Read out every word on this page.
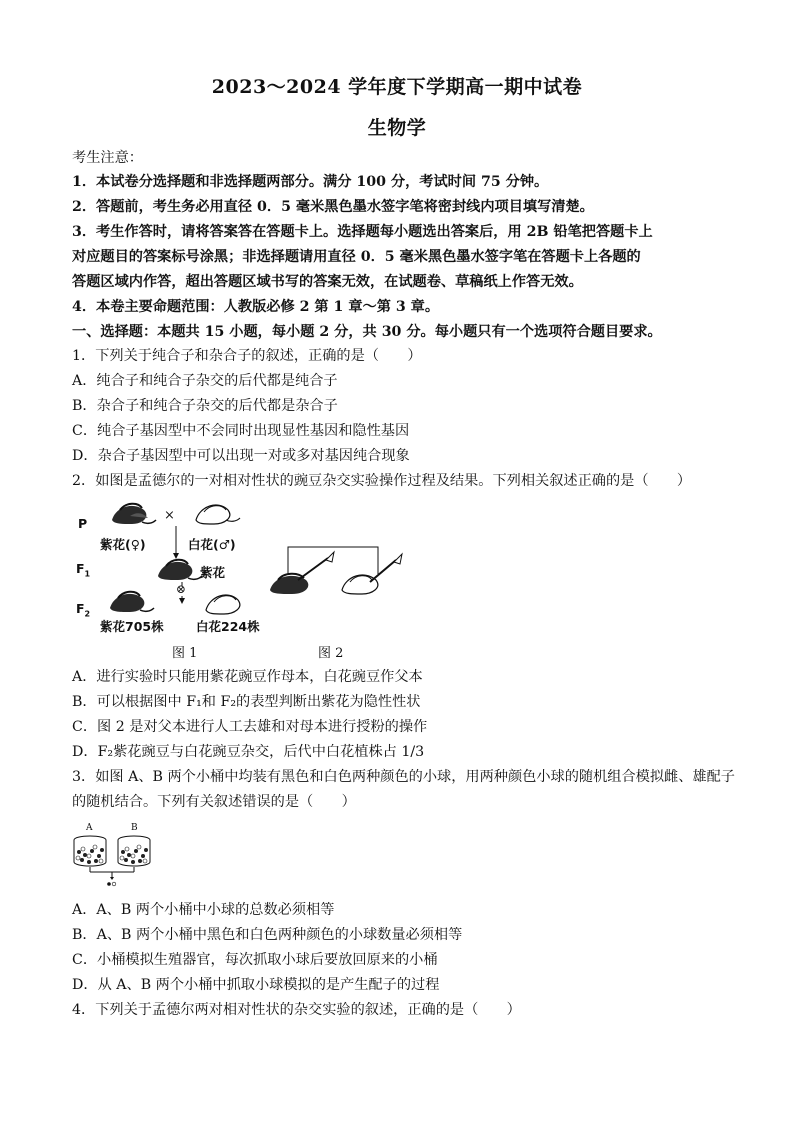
2023～2024 学年度下学期高一期中试卷
生物学
考生注意：
1．本试卷分选择题和非选择题两部分。满分 100 分，考试时间 75 分钟。
2．答题前，考生务必用直径 0．5 毫米黑色墨水签字笔将密封线内项目填写清楚。
3．考生作答时，请将答案答在答题卡上。选择题每小题选出答案后，用 2B 铅笔把答题卡上
对应题目的答案标号涂黑；非选择题请用直径 0．5 毫米黑色墨水签字笔在答题卡上各题的
答题区域内作答，超出答题区域书写的答案无效，在试题卷、草稿纸上作答无效。
4．本卷主要命题范围：人教版必修 2 第 1 章～第 3 章。
一、选择题：本题共 15 小题，每小题 2 分，共 30 分。每小题只有一个选项符合题目要求。
1．下列关于纯合子和杂合子的叙述，正确的是（　　）
A．纯合子和纯合子杂交的后代都是纯合子
B．杂合子和纯合子杂交的后代都是杂合子
C．纯合子基因型中不会同时出现显性基因和隐性基因
D．杂合子基因型中可以出现一对或多对基因纯合现象
2．如图是孟德尔的一对相对性状的豌豆杂交实验操作过程及结果。下列相关叙述正确的是（　　）
P
$F_1$
$F_2$
×
紫花(♀)	白花(♂)
紫花
⊗
紫花705株	白花224株
图 1	图 2
A．进行实验时只能用紫花豌豆作母本，白花豌豆作父本
B．可以根据图中 F₁和 F₂的表型判断出紫花为隐性性状
C．图 2 是对父本进行人工去雄和对母本进行授粉的操作
D．F₂紫花豌豆与白花豌豆杂交，后代中白花植株占 1/3
3．如图 A、B 两个小桶中均装有黑色和白色两种颜色的小球，用两种颜色小球的随机组合模拟雌、雄配子
的随机结合。下列有关叙述错误的是（　　）
A	B
A．A、B 两个小桶中小球的总数必须相等
B．A、B 两个小桶中黑色和白色两种颜色的小球数量必须相等
C．小桶模拟生殖器官，每次抓取小球后要放回原来的小桶
D．从 A、B 两个小桶中抓取小球模拟的是产生配子的过程
4．下列关于孟德尔两对相对性状的杂交实验的叙述，正确的是（　　）
